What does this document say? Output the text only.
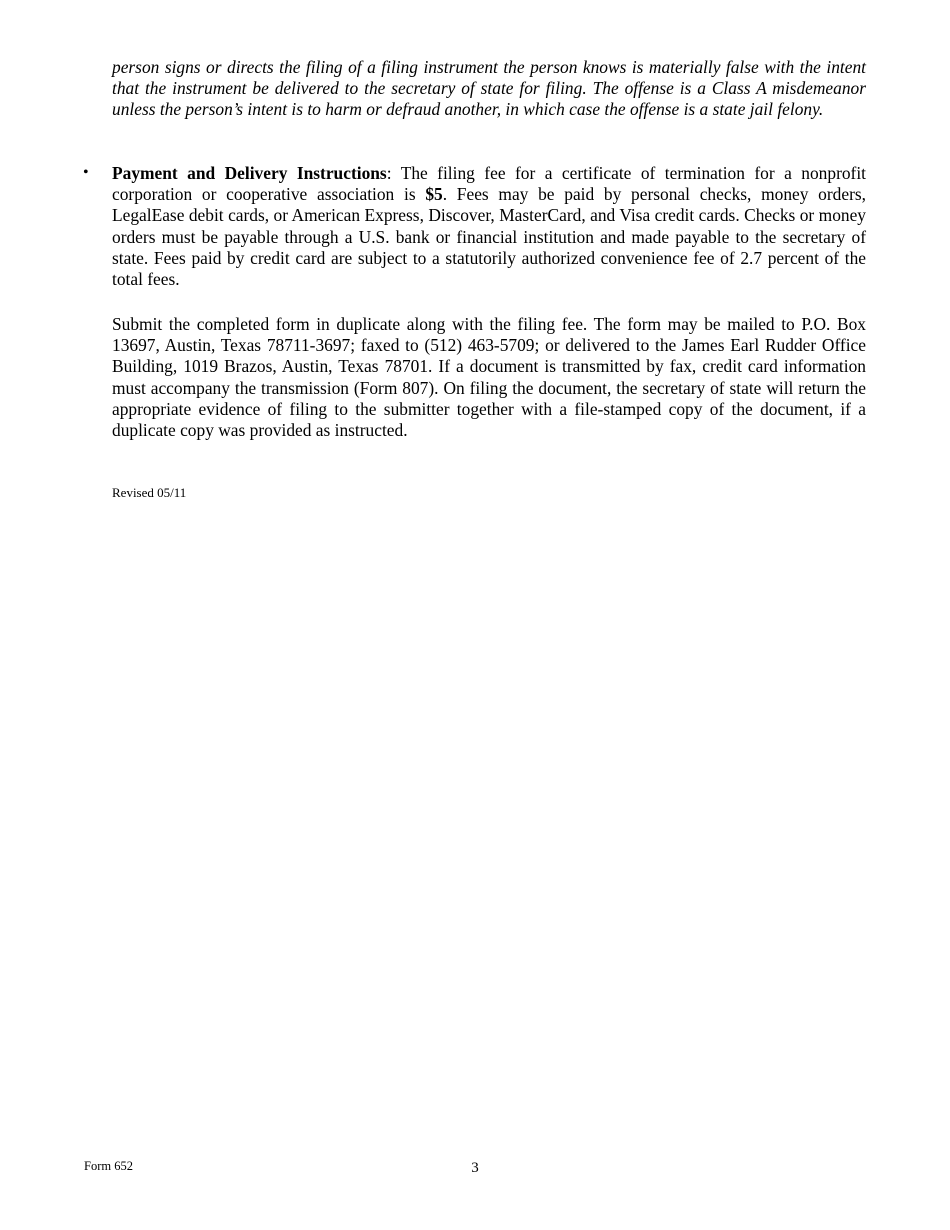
person signs or directs the filing of a filing instrument the person knows is materially false with the intent that the instrument be delivered to the secretary of state for filing. The offense is a Class A misdemeanor unless the person’s intent is to harm or defraud another, in which case the offense is a state jail felony.

• Payment and Delivery Instructions: The filing fee for a certificate of termination for a nonprofit corporation or cooperative association is $5. Fees may be paid by personal checks, money orders, LegalEase debit cards, or American Express, Discover, MasterCard, and Visa credit cards. Checks or money orders must be payable through a U.S. bank or financial institution and made payable to the secretary of state. Fees paid by credit card are subject to a statutorily authorized convenience fee of 2.7 percent of the total fees.

Submit the completed form in duplicate along with the filing fee. The form may be mailed to P.O. Box 13697, Austin, Texas 78711-3697; faxed to (512) 463-5709; or delivered to the James Earl Rudder Office Building, 1019 Brazos, Austin, Texas 78701. If a document is transmitted by fax, credit card information must accompany the transmission (Form 807). On filing the document, the secretary of state will return the appropriate evidence of filing to the submitter together with a file-stamped copy of the document, if a duplicate copy was provided as instructed.

Revised 05/11
Form 652	3
